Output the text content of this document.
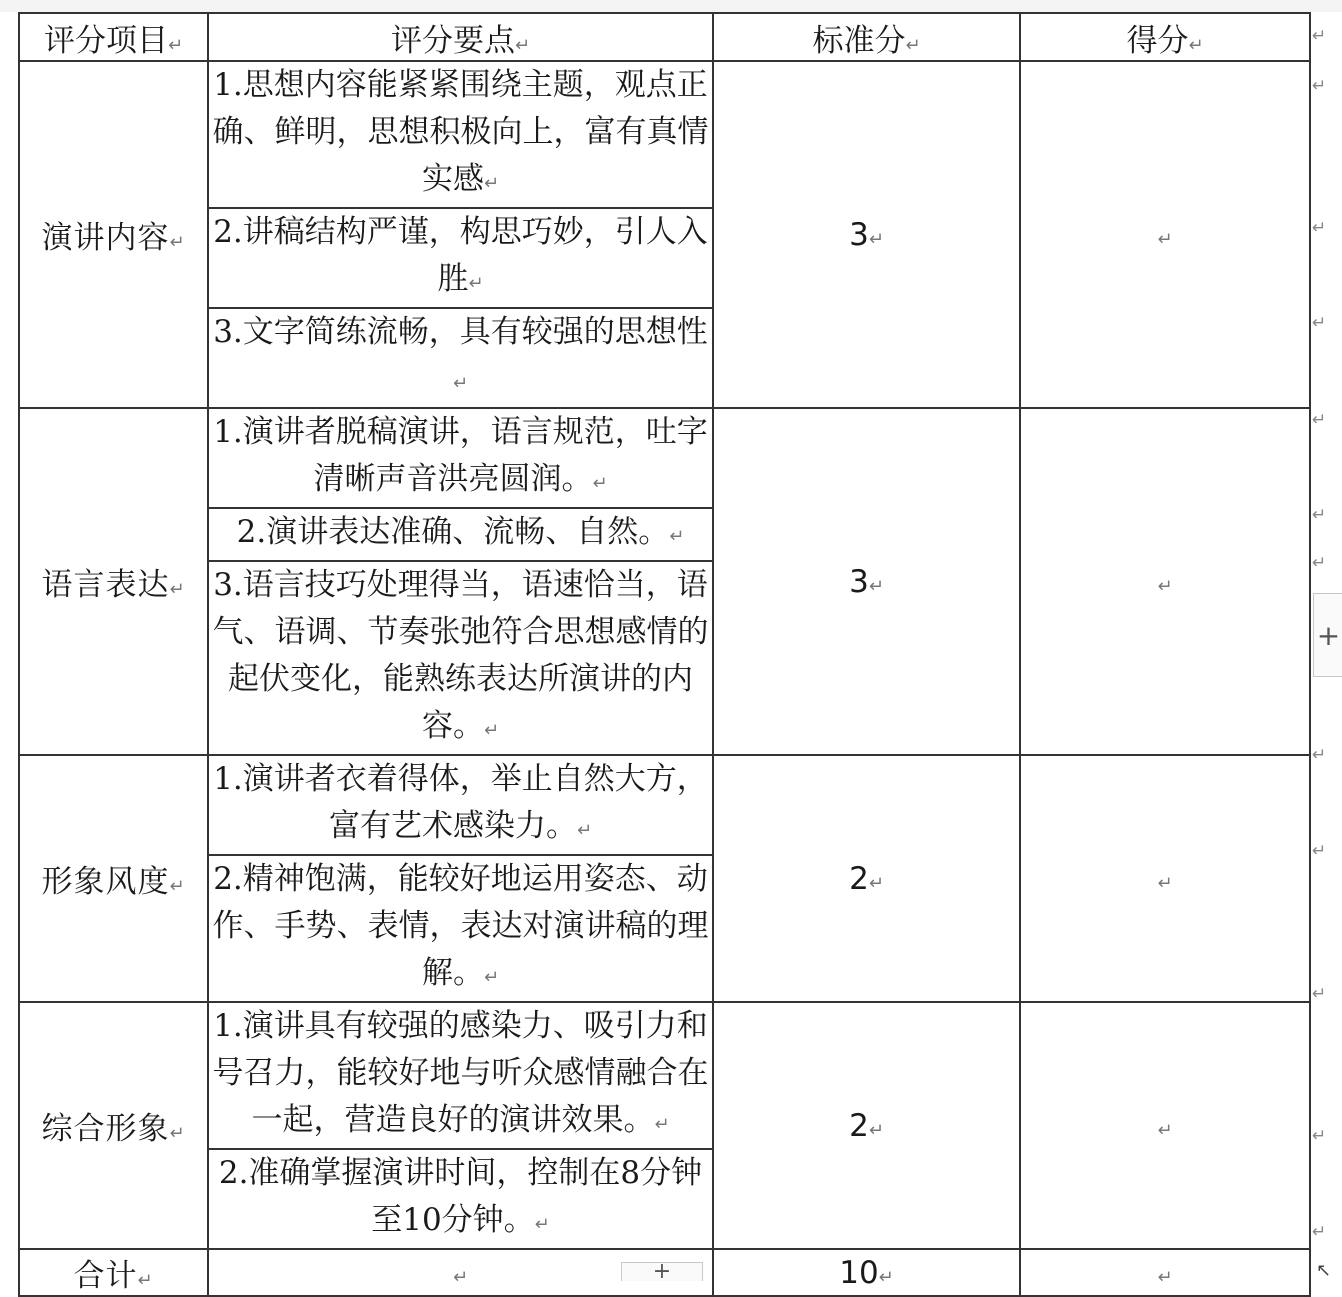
评分项目↵	评分要点↵	标准分↵	得分↵
演讲内容↵	1.思想内容能紧紧围绕主题，观点正确、鲜明，思想积极向上，富有真情实感↵	3↵	↵
	2.讲稿结构严谨，构思巧妙，引人入胜↵		
	3.文字简练流畅，具有较强的思想性↵		
语言表达↵	1.演讲者脱稿演讲，语言规范，吐字清晰声音洪亮圆润。↵	3↵	↵
	2.演讲表达准确、流畅、自然。↵		
	3.语言技巧处理得当，语速恰当，语气、语调、节奏张弛符合思想感情的起伏变化，能熟练表达所演讲的内容。↵		
形象风度↵	1.演讲者衣着得体，举止自然大方，富有艺术感染力。↵	2↵	↵
	2.精神饱满，能较好地运用姿态、动作、手势、表情，表达对演讲稿的理解。↵		
综合形象↵	1.演讲具有较强的感染力、吸引力和号召力，能较好地与听众感情融合在一起，营造良好的演讲效果。↵	2↵	↵
	2.准确掌握演讲时间，控制在8分钟至10分钟。↵		
合计↵	↵	10↵	↵
↵
↵
↵
↵
↵
↵
↵
↵
↵
↵
↵
↵
+
+	↖
